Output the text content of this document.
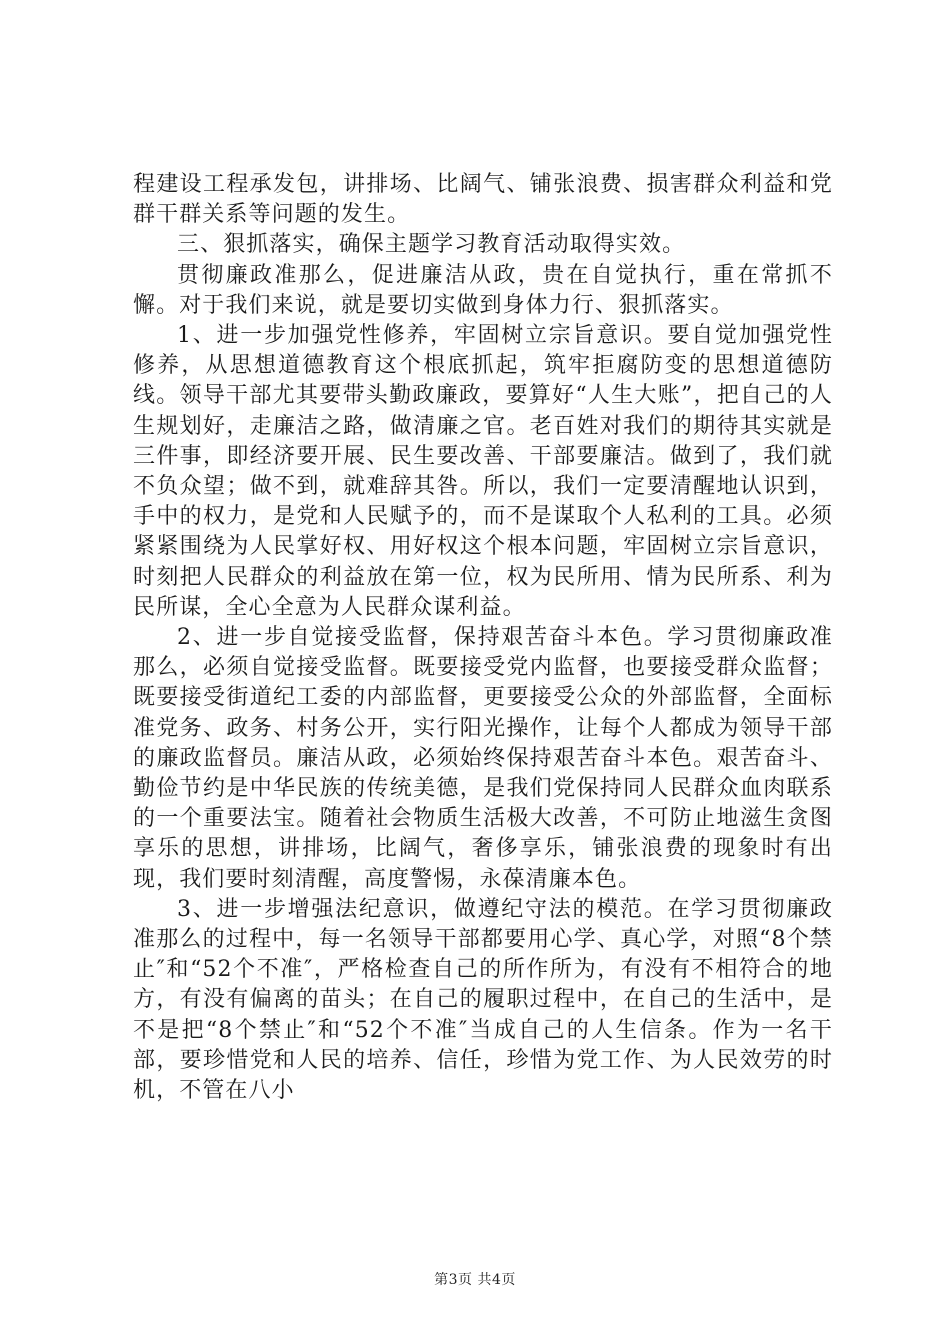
程建设工程承发包，讲排场、比阔气、铺张浪费、损害群众利益和党群干群关系等问题的发生。

三、狠抓落实，确保主题学习教育活动取得实效。

贯彻廉政准那么，促进廉洁从政，贵在自觉执行，重在常抓不懈。对于我们来说，就是要切实做到身体力行、狠抓落实。

1、进一步加强党性修养，牢固树立宗旨意识。要自觉加强党性修养，从思想道德教育这个根底抓起，筑牢拒腐防变的思想道德防线。领导干部尤其要带头勤政廉政，要算好“人生大账”，把自己的人生规划好，走廉洁之路，做清廉之官。老百姓对我们的期待其实就是三件事，即经济要开展、民生要改善、干部要廉洁。做到了，我们就不负众望；做不到，就难辞其咎。所以，我们一定要清醒地认识到，手中的权力，是党和人民赋予的，而不是谋取个人私利的工具。必须紧紧围绕为人民掌好权、用好权这个根本问题，牢固树立宗旨意识，时刻把人民群众的利益放在第一位，权为民所用、情为民所系、利为民所谋，全心全意为人民群众谋利益。

2、进一步自觉接受监督，保持艰苦奋斗本色。学习贯彻廉政准那么，必须自觉接受监督。既要接受党内监督，也要接受群众监督；既要接受街道纪工委的内部监督，更要接受公众的外部监督，全面标准党务、政务、村务公开，实行阳光操作，让每个人都成为领导干部的廉政监督员。廉洁从政，必须始终保持艰苦奋斗本色。艰苦奋斗、勤俭节约是中华民族的传统美德，是我们党保持同人民群众血肉联系的一个重要法宝。随着社会物质生活极大改善，不可防止地滋生贪图享乐的思想，讲排场，比阔气，奢侈享乐，铺张浪费的现象时有出现，我们要时刻清醒，高度警惕，永葆清廉本色。

3、进一步增强法纪意识，做遵纪守法的模范。在学习贯彻廉政准那么的过程中，每一名领导干部都要用心学、真心学，对照“8个禁止″和“52个不准″，严格检查自己的所作所为，有没有不相符合的地方，有没有偏离的苗头；在自己的履职过程中，在自己的生活中，是不是把“8个禁止″和“52个不准″当成自己的人生信条。作为一名干部，要珍惜党和人民的培养、信任，珍惜为党工作、为人民效劳的时机，不管在八小

第3页 共4页
